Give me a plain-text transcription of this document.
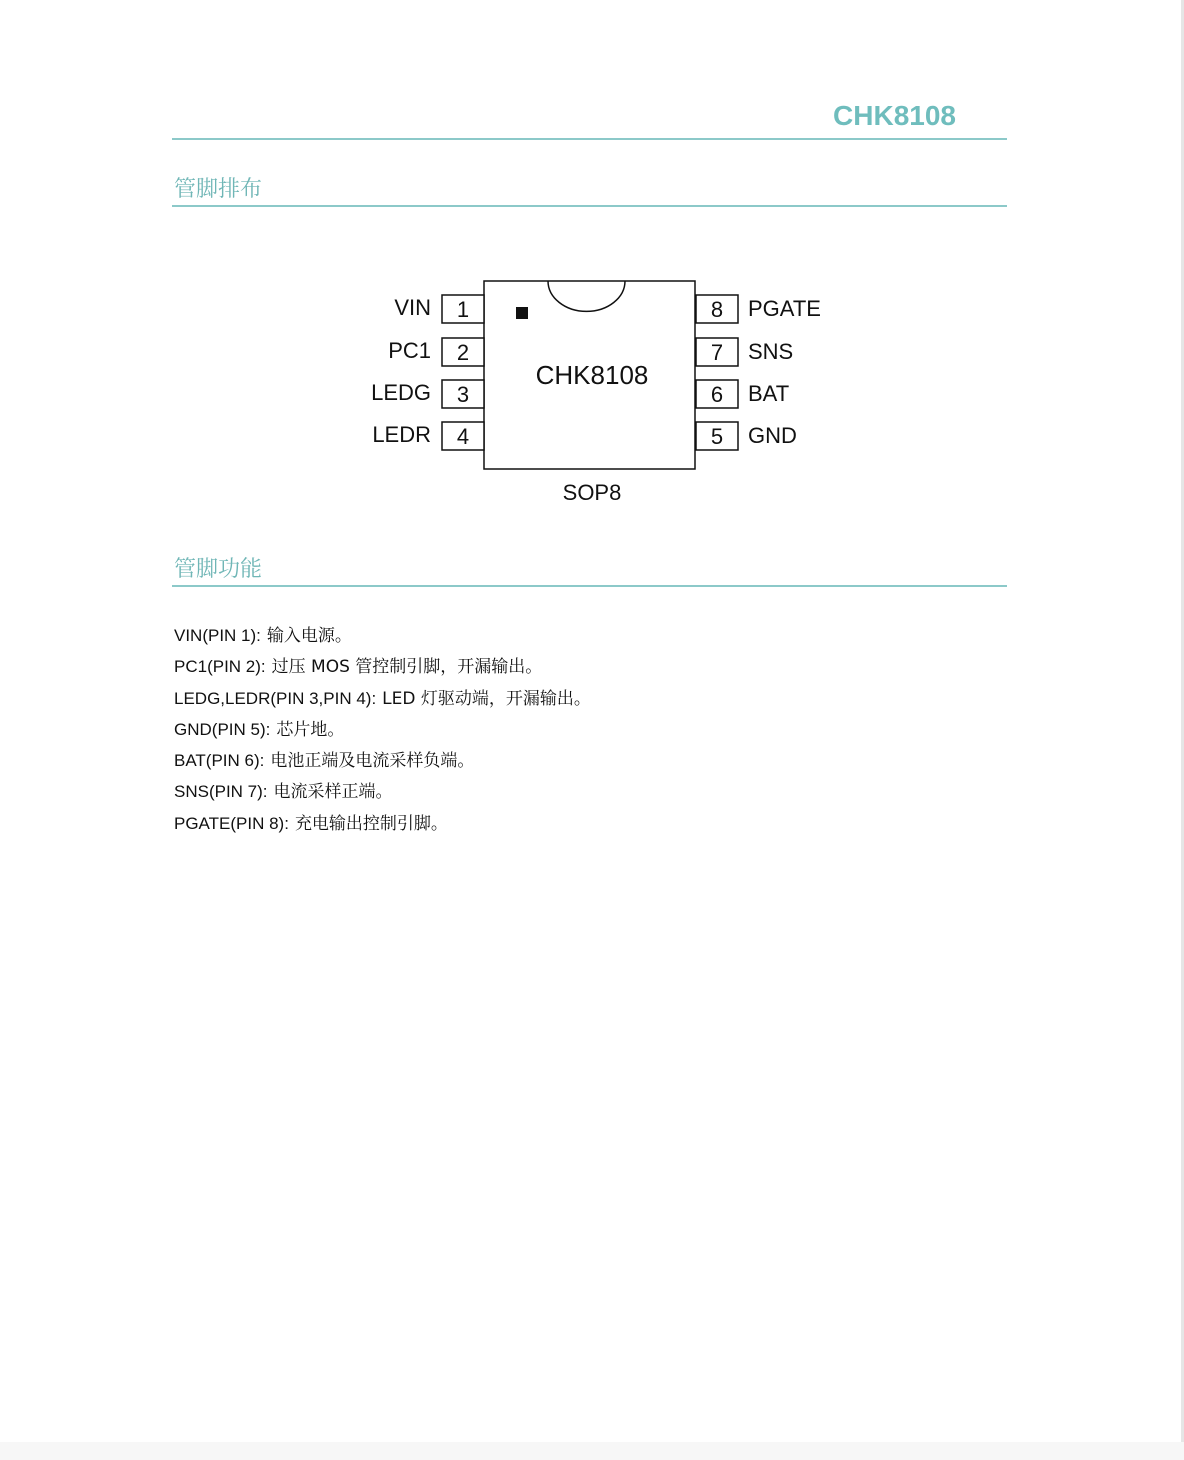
CHK8108
管脚排布
CHK8108
SOP8
1
VIN
2
PC1
3
LEDG
4
LEDR
8 PGATE
7 SNS
6 BAT
5 GND
管脚功能
VIN(PIN 1): 输入电源。
PC1(PIN 2): 过压 MOS 管控制引脚，开漏输出。
LEDG,LEDR(PIN 3,PIN 4): LED 灯驱动端，开漏输出。
GND(PIN 5): 芯片地。
BAT(PIN 6): 电池正端及电流采样负端。
SNS(PIN 7): 电流采样正端。
PGATE(PIN 8): 充电输出控制引脚。
